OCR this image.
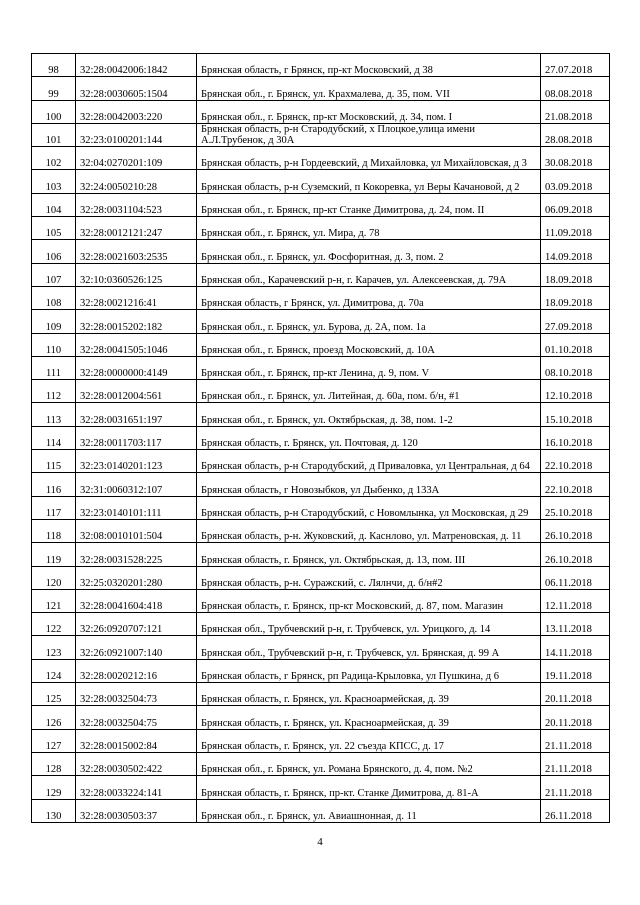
98	32:28:0042006:1842	Брянская область, г Брянск, пр-кт Московский, д 38	27.07.2018
99	32:28:0030605:1504	Брянская обл., г. Брянск, ул. Крахмалева, д. 35, пом. VII	08.08.2018
100	32:28:0042003:220	Брянская обл., г. Брянск, пр-кт Московский, д. 34, пом. I	21.08.2018
101	32:23:0100201:144	Брянская область, р-н Стародубский, х Плоцкое,улица имени А.Л.Трубенок, д 30А	28.08.2018
102	32:04:0270201:109	Брянская область, р-н Гордеевский, д Михайловка, ул Михайловская, д 3	30.08.2018
103	32:24:0050210:28	Брянская область, р-н Суземский, п Кокоревка, ул Веры Качановой, д 2	03.09.2018
104	32:28:0031104:523	Брянская обл., г. Брянск, пр-кт Станке Димитрова, д. 24, пом. II	06.09.2018
105	32:28:0012121:247	Брянская обл., г. Брянск, ул. Мира, д. 78	11.09.2018
106	32:28:0021603:2535	Брянская обл., г. Брянск, ул. Фосфоритная, д. 3, пом. 2	14.09.2018
107	32:10:0360526:125	Брянская обл., Карачевский р-н, г. Карачев, ул. Алексеевская, д. 79А	18.09.2018
108	32:28:0021216:41	Брянская область, г Брянск, ул. Димитрова, д. 70а	18.09.2018
109	32:28:0015202:182	Брянская обл., г. Брянск, ул. Бурова, д. 2А, пом. 1а	27.09.2018
110	32:28:0041505:1046	Брянская обл., г. Брянск, проезд Московский, д. 10А	01.10.2018
111	32:28:0000000:4149	Брянская обл., г. Брянск, пр-кт Ленина, д. 9, пом. V	08.10.2018
112	32:28:0012004:561	Брянская обл., г. Брянск, ул. Литейная, д. 60а, пом. б/н, #1	12.10.2018
113	32:28:0031651:197	Брянская обл., г. Брянск, ул. Октябрьская, д. 38, пом. 1-2	15.10.2018
114	32:28:0011703:117	Брянская область, г. Брянск, ул. Почтовая, д. 120	16.10.2018
115	32:23:0140201:123	Брянская область, р-н Стародубский, д Приваловка, ул Центральная, д 64	22.10.2018
116	32:31:0060312:107	Брянская область, г Новозыбков, ул Дыбенко, д 133А	22.10.2018
117	32:23:0140101:111	Брянская область, р-н Стародубский, с Новомлынка, ул Московская, д 29	25.10.2018
118	32:08:0010101:504	Брянская область, р-н. Жуковский, д. Каснлово, ул. Матреновская, д. 11	26.10.2018
119	32:28:0031528:225	Брянская область, г. Брянск, ул. Октябрьская, д. 13, пом. III	26.10.2018
120	32:25:0320201:280	Брянская область, р-н. Суражский, с. Лялнчи, д. б/н#2	06.11.2018
121	32:28:0041604:418	Брянская область, г. Брянск, пр-кт Московский, д. 87, пом. Магазин	12.11.2018
122	32:26:0920707:121	Брянская обл., Трубчевский р-н, г. Трубчевск, ул. Урицкого, д. 14	13.11.2018
123	32:26:0921007:140	Брянская обл., Трубчевский р-н, г. Трубчевск, ул. Брянская, д. 99 А	14.11.2018
124	32:28:0020212:16	Брянская область, г Брянск, рп Радица-Крыловка, ул Пушкина, д 6	19.11.2018
125	32:28:0032504:73	Брянская область, г. Брянск, ул. Красноармейская, д. 39	20.11.2018
126	32:28:0032504:75	Брянская область, г. Брянск, ул. Красноармейская, д. 39	20.11.2018
127	32:28:0015002:84	Брянская область, г. Брянск, ул. 22 съезда КПСС, д. 17	21.11.2018
128	32:28:0030502:422	Брянская обл., г. Брянск, ул. Романа Брянского, д. 4, пом. №2	21.11.2018
129	32:28:0033224:141	Брянская область, г. Брянск, пр-кт. Станке Димитрова, д. 81-А	21.11.2018
130	32:28:0030503:37	Брянская обл., г. Брянск, ул. Авиашнонная, д. 11	26.11.2018
4
